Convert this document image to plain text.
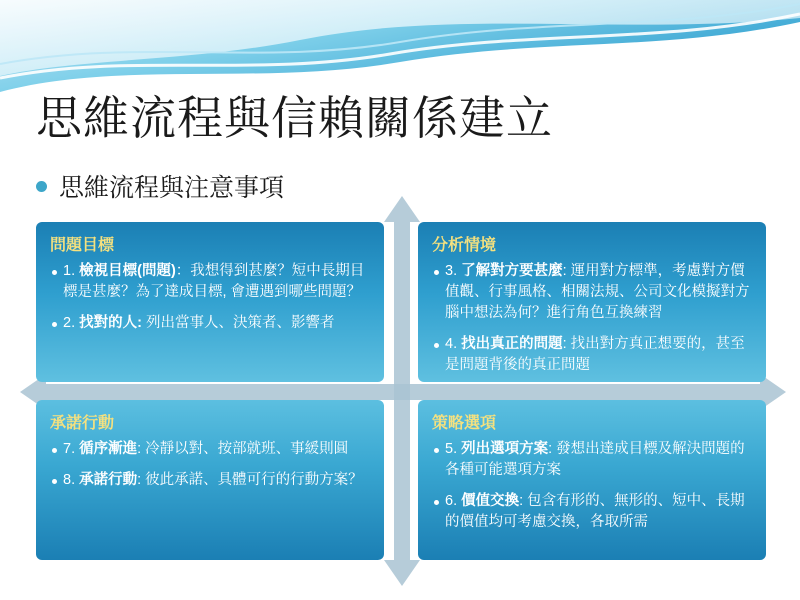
思維流程與信賴關係建立
思維流程與注意事項
問題目標
1. 檢視目標(問題)：我想得到甚麼？短中長期目標是甚麼？為了達成目標, 會遭遇到哪些問題？
2. 找對的人: 列出當事人、決策者、影響者
分析情境
3. 了解對方要甚麼: 運用對方標準，考慮對方價值觀、行事風格、相關法規、公司文化模擬對方腦中想法為何？進行角色互換練習
4. 找出真正的問題: 找出對方真正想要的，甚至是問題背後的真正問題
承諾行動
7. 循序漸進: 冷靜以對、按部就班、事緩則圓
8. 承諾行動: 彼此承諾、具體可行的行動方案？
策略選項
5. 列出選項方案: 發想出達成目標及解決問題的各種可能選項方案
6. 價值交換: 包含有形的、無形的、短中、長期的價值均可考慮交換，各取所需
